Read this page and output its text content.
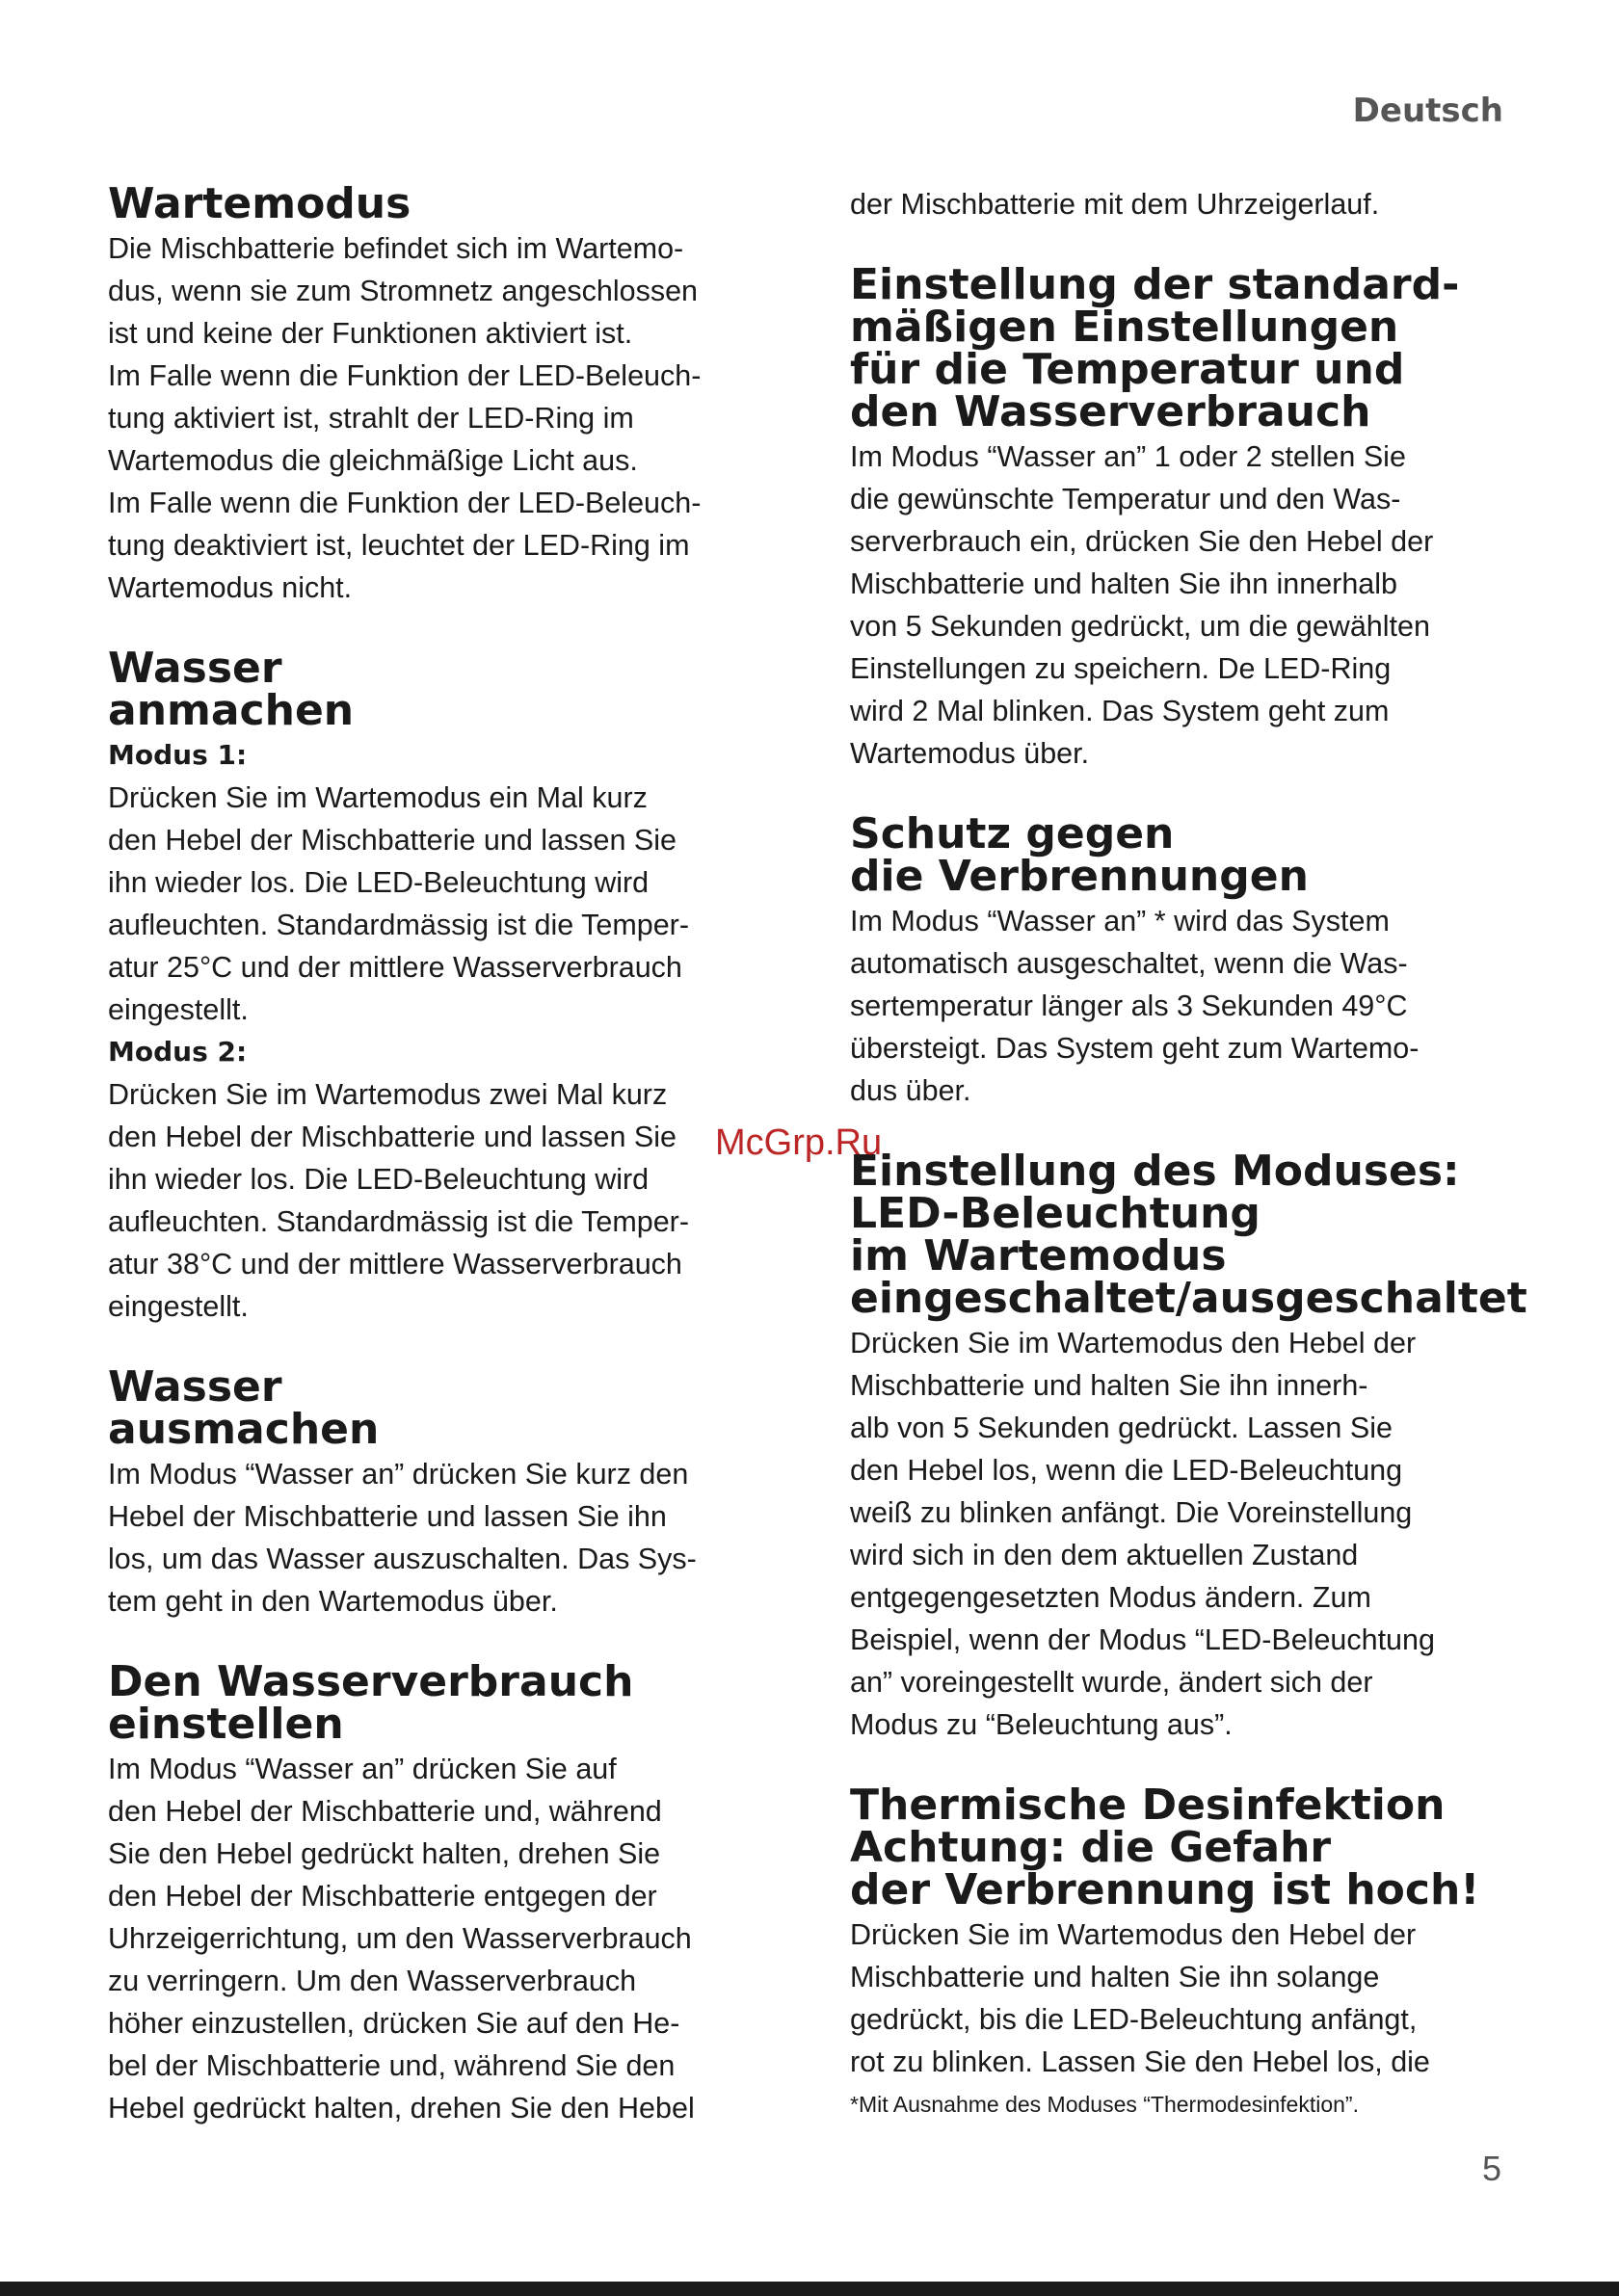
Deutsch
Wartemodus

Die Mischbatterie befindet sich im Wartemo-
dus, wenn sie zum Stromnetz angeschlossen
ist und keine der Funktionen aktiviert ist.
Im Falle wenn die Funktion der LED-Beleuch-
tung aktiviert ist, strahlt der LED-Ring im
Wartemodus die gleichmäßige Licht aus.
Im Falle wenn die Funktion der LED-Beleuch-
tung deaktiviert ist, leuchtet der LED-Ring im
Wartemodus nicht.

Wasser
anmachen
Modus 1:

Drücken Sie im Wartemodus ein Mal kurz
den Hebel der Mischbatterie und lassen Sie
ihn wieder los. Die LED-Beleuchtung wird
aufleuchten. Standardmässig ist die Temper-
atur 25°C und der mittlere Wasserverbrauch
eingestellt.

Modus 2:

Drücken Sie im Wartemodus zwei Mal kurz
den Hebel der Mischbatterie und lassen Sie
ihn wieder los. Die LED-Beleuchtung wird
aufleuchten. Standardmässig ist die Temper-
atur 38°C und der mittlere Wasserverbrauch
eingestellt.

Wasser
ausmachen

Im Modus “Wasser an” drücken Sie kurz den
Hebel der Mischbatterie und lassen Sie ihn
los, um das Wasser auszuschalten. Das Sys-
tem geht in den Wartemodus über.

Den Wasserverbrauch
einstellen

Im Modus “Wasser an” drücken Sie auf
den Hebel der Mischbatterie und, während
Sie den Hebel gedrückt halten, drehen Sie
den Hebel der Mischbatterie entgegen der
Uhrzeigerrichtung, um den Wasserverbrauch
zu verringern. Um den Wasserverbrauch
höher einzustellen, drücken Sie auf den He-
bel der Mischbatterie und, während Sie den
Hebel gedrückt halten, drehen Sie den Hebel

der Mischbatterie mit dem Uhrzeigerlauf.

Einstellung der standard-
mäßigen Einstellungen
für die Temperatur und
den Wasserverbrauch

Im Modus “Wasser an” 1 oder 2 stellen Sie
die gewünschte Temperatur und den Was-
serverbrauch ein, drücken Sie den Hebel der
Mischbatterie und halten Sie ihn innerhalb
von 5 Sekunden gedrückt, um die gewählten
Einstellungen zu speichern. De LED-Ring
wird 2 Mal blinken. Das System geht zum
Wartemodus über.

Schutz gegen
die Verbrennungen

Im Modus “Wasser an” * wird das System
automatisch ausgeschaltet, wenn die Was-
sertemperatur länger als 3 Sekunden 49°C
übersteigt. Das System geht zum Wartemo-
dus über.

Einstellung des Moduses:
LED-Beleuchtung
im Wartemodus
eingeschaltet/ausgeschaltet

Drücken Sie im Wartemodus den Hebel der
Mischbatterie und halten Sie ihn innerh-
alb von 5 Sekunden gedrückt. Lassen Sie
den Hebel los, wenn die LED-Beleuchtung
weiß zu blinken anfängt. Die Voreinstellung
wird sich in den dem aktuellen Zustand
entgegengesetzten Modus ändern. Zum
Beispiel, wenn der Modus “LED-Beleuchtung
an” voreingestellt wurde, ändert sich der
Modus zu “Beleuchtung aus”.

Thermische Desinfektion
Achtung: die Gefahr
der Verbrennung ist hoch!

Drücken Sie im Wartemodus den Hebel der
Mischbatterie und halten Sie ihn solange
gedrückt, bis die LED-Beleuchtung anfängt,
rot zu blinken. Lassen Sie den Hebel los, die

*Mit Ausnahme des Moduses “Thermodesinfektion”.
McGrp.Ru
5
